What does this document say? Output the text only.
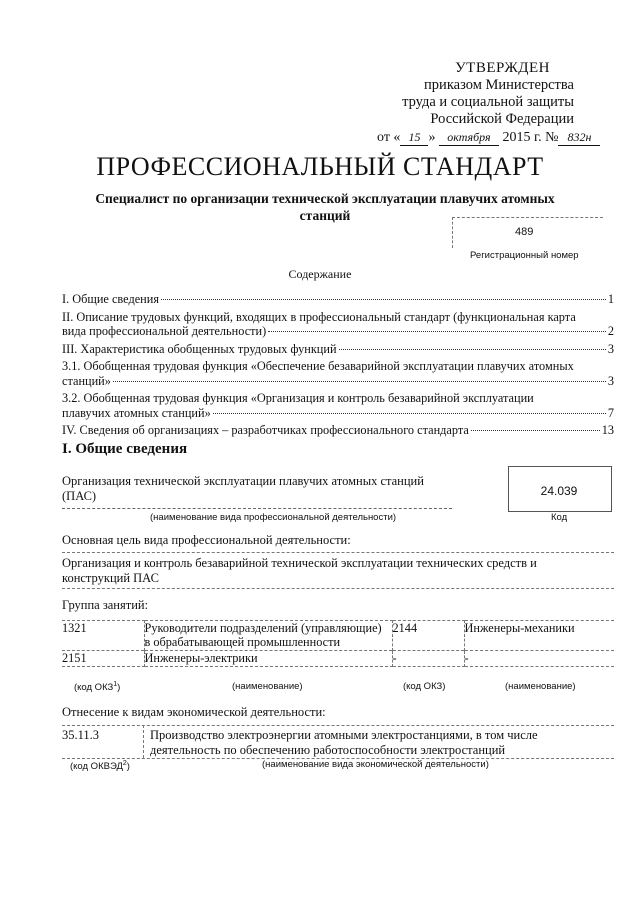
УТВЕРЖДЕН
приказом Министерства
труда и социальной защиты
Российской Федерации
от « 15 » октября 2015 г. № 832н
ПРОФЕССИОНАЛЬНЫЙ СТАНДАРТ
Специалист по организации технической эксплуатации плавучих атомных станций
489
Регистрационный номер
Содержание
I. Общие сведения	1
II. Описание трудовых функций, входящих в профессиональный стандарт (функциональная карта
вида профессиональной деятельности)	2
III. Характеристика обобщенных трудовых функций	3
3.1. Обобщенная трудовая функция «Обеспечение безаварийной эксплуатации плавучих атомных
станций»	3
3.2. Обобщенная трудовая функция «Организация и контроль безаварийной эксплуатации
плавучих атомных станций»	7
IV. Сведения об организациях – разработчиках профессионального стандарта	13
I. Общие сведения
Организация технической эксплуатации плавучих атомных станций (ПАС)	24.039
(наименование вида профессиональной деятельности)	Код
Основная цель вида профессиональной деятельности:
Организация и контроль безаварийной технической эксплуатации технических средств и конструкций ПАС
Группа занятий:
1321	Руководители подразделений (управляющие) в обрабатывающей промышленности	2144	Инженеры-механики
2151	Инженеры-электрики	-	-
(код ОКЗ$^1$)	(наименование)	(код ОКЗ)	(наименование)
Отнесение к видам экономической деятельности:
35.11.3	Производство электроэнергии атомными электростанциями, в том числе деятельность по обеспечению работоспособности электростанций
(код ОКВЭД$^2$)	(наименование вида экономической деятельности)
